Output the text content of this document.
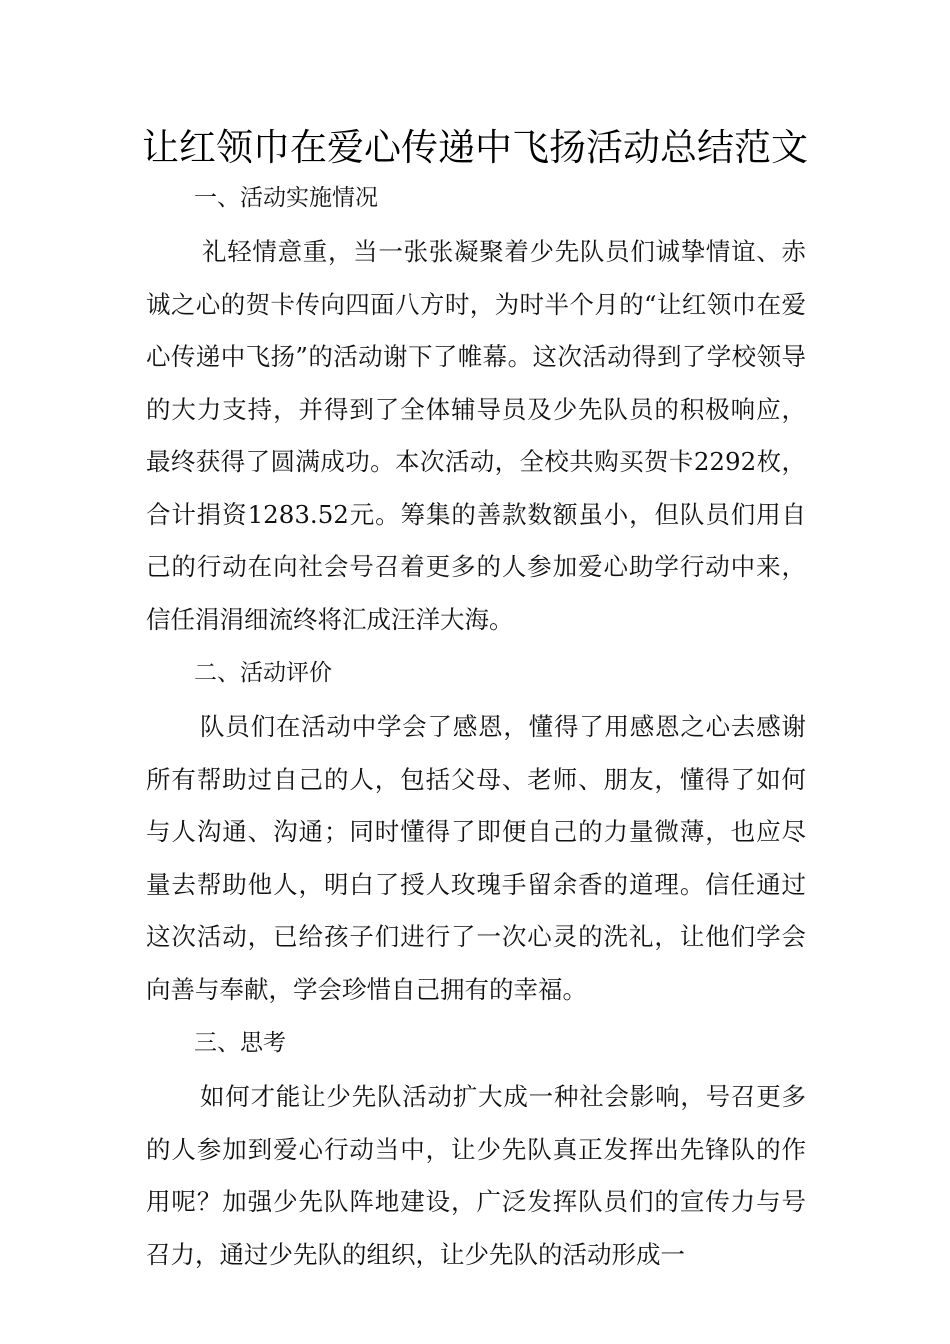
让红领巾在爱心传递中飞扬活动总结范文
一、活动实施情况

礼轻情意重，当一张张凝聚着少先队员们诚挚情谊、赤诚之心的贺卡传向四面八方时，为时半个月的“让红领巾在爱心传递中飞扬”的活动谢下了帷幕。这次活动得到了学校领导的大力支持，并得到了全体辅导员及少先队员的积极响应，最终获得了圆满成功。本次活动，全校共购买贺卡2292枚，合计捐资1283.52元。筹集的善款数额虽小，但队员们用自己的行动在向社会号召着更多的人参加爱心助学行动中来，信任涓涓细流终将汇成汪洋大海。

二、活动评价

队员们在活动中学会了感恩，懂得了用感恩之心去感谢所有帮助过自己的人，包括父母、老师、朋友，懂得了如何与人沟通、沟通；同时懂得了即便自己的力量微薄，也应尽量去帮助他人，明白了授人玫瑰手留余香的道理。信任通过这次活动，已给孩子们进行了一次心灵的洗礼，让他们学会向善与奉献，学会珍惜自己拥有的幸福。

三、思考

如何才能让少先队活动扩大成一种社会影响，号召更多的人参加到爱心行动当中，让少先队真正发挥出先锋队的作用呢？加强少先队阵地建设，广泛发挥队员们的宣传力与号召力，通过少先队的组织，让少先队的活动形成一
